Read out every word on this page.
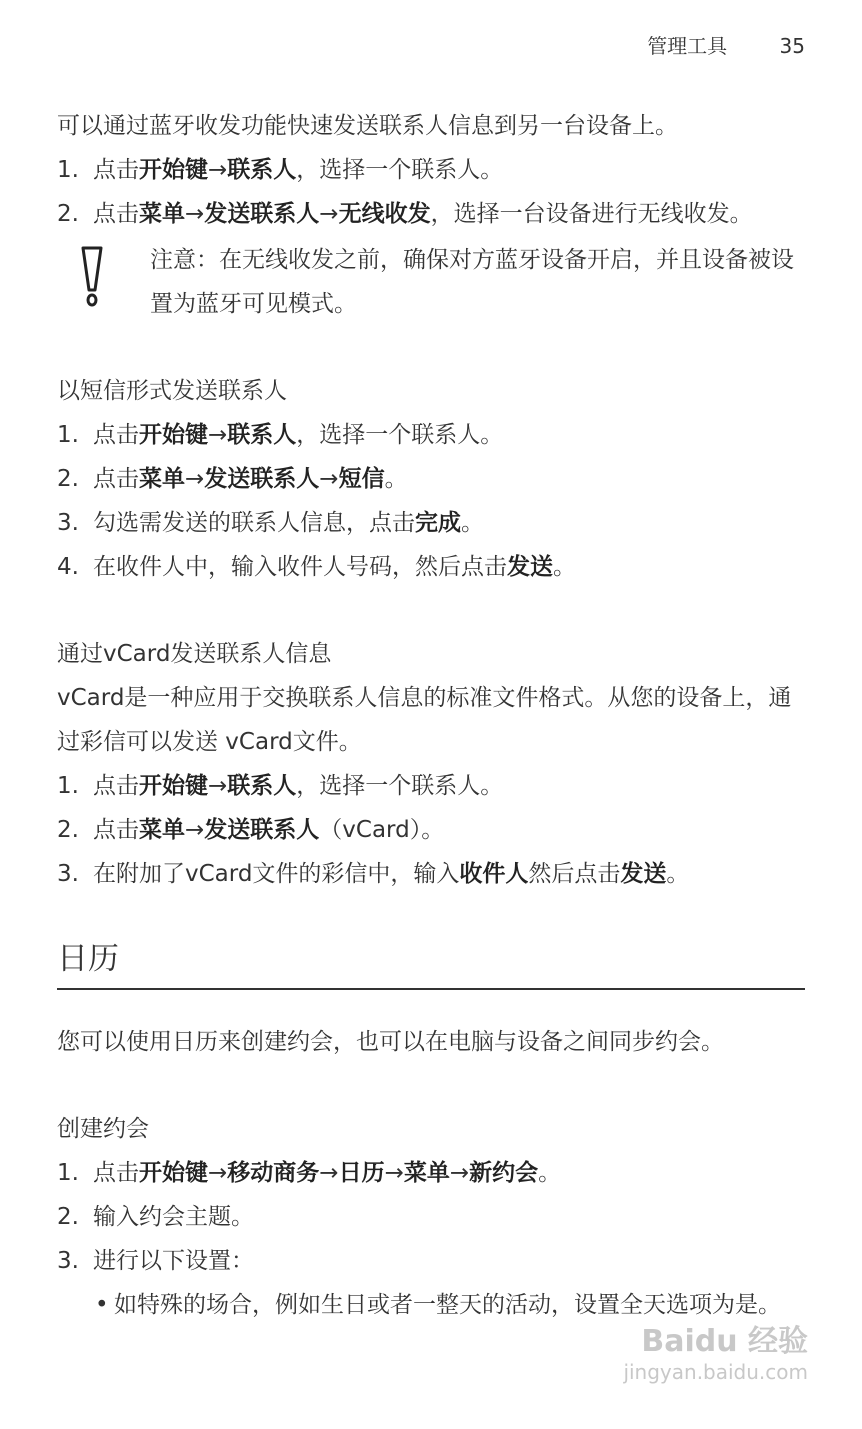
管理工具	35
可以通过蓝牙收发功能快速发送联系人信息到另一台设备上。
1. 点击开始键→联系人，选择一个联系人。
2. 点击菜单→发送联系人→无线收发，选择一台设备进行无线收发。
注意：在无线收发之前，确保对方蓝牙设备开启，并且设备被设置为蓝牙可见模式。
以短信形式发送联系人
1. 点击开始键→联系人，选择一个联系人。
2. 点击菜单→发送联系人→短信。
3. 勾选需发送的联系人信息，点击完成。
4. 在收件人中，输入收件人号码，然后点击发送。
通过vCard发送联系人信息
vCard是一种应用于交换联系人信息的标准文件格式。从您的设备上，通过彩信可以发送 vCard文件。
1. 点击开始键→联系人，选择一个联系人。
2. 点击菜单→发送联系人（vCard）。
3. 在附加了vCard文件的彩信中，输入收件人然后点击发送。
日历
您可以使用日历来创建约会，也可以在电脑与设备之间同步约会。
创建约会
1. 点击开始键→移动商务→日历→菜单→新约会。
2. 输入约会主题。
3. 进行以下设置：
• 如特殊的场合，例如生日或者一整天的活动，设置全天选项为是。
Baidu 经验
jingyan.baidu.com
